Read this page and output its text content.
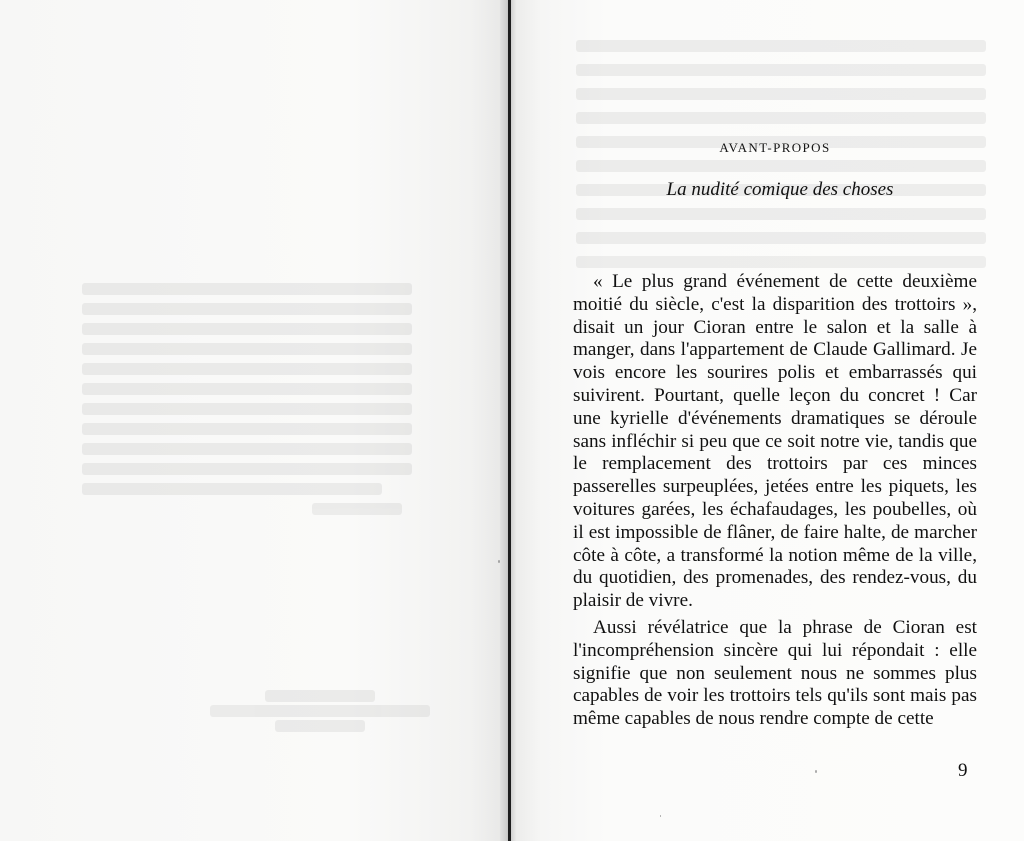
AVANT-PROPOS
La nudité comique des choses

« Le plus grand événement de cette deuxième moitié du siècle, c'est la disparition des trottoirs », disait un jour Cioran entre le salon et la salle à manger, dans l'appartement de Claude Gallimard. Je vois encore les sourires polis et embarrassés qui suivirent. Pourtant, quelle leçon du concret ! Car une kyrielle d'événements dramatiques se déroule sans infléchir si peu que ce soit notre vie, tandis que le remplacement des trottoirs par ces minces passerelles surpeuplées, jetées entre les piquets, les voitures garées, les échafaudages, les poubelles, où il est impossible de flâner, de faire halte, de marcher côte à côte, a transformé la notion même de la ville, du quotidien, des promenades, des rendez-vous, du plaisir de vivre.

Aussi révélatrice que la phrase de Cioran est l'incompréhension sincère qui lui répondait : elle signifie que non seulement nous ne sommes plus capables de voir les trottoirs tels qu'ils sont mais pas même capables de nous rendre compte de cette

9
